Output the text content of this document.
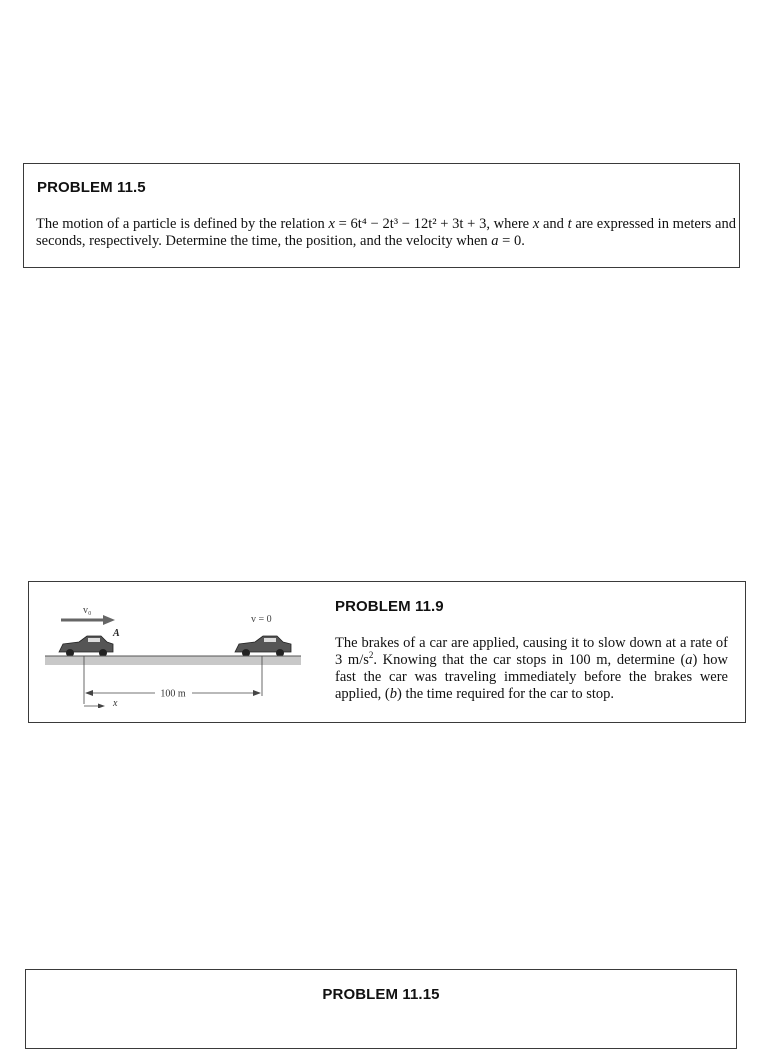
PROBLEM 11.5
The motion of a particle is defined by the relation x = 6t⁴ − 2t³ − 12t² + 3t + 3, where x and t are expressed in meters and seconds, respectively. Determine the time, the position, and the velocity when a = 0.
v₀
A
v = 0
100 m
x
PROBLEM 11.9
The brakes of a car are applied, causing it to slow down at a rate of 3 $m/s^2$. Knowing that the car stops in 100 m, determine (a) how fast the car was traveling immediately before the brakes were applied, (b) the time required for the car to stop.
PROBLEM 11.15
